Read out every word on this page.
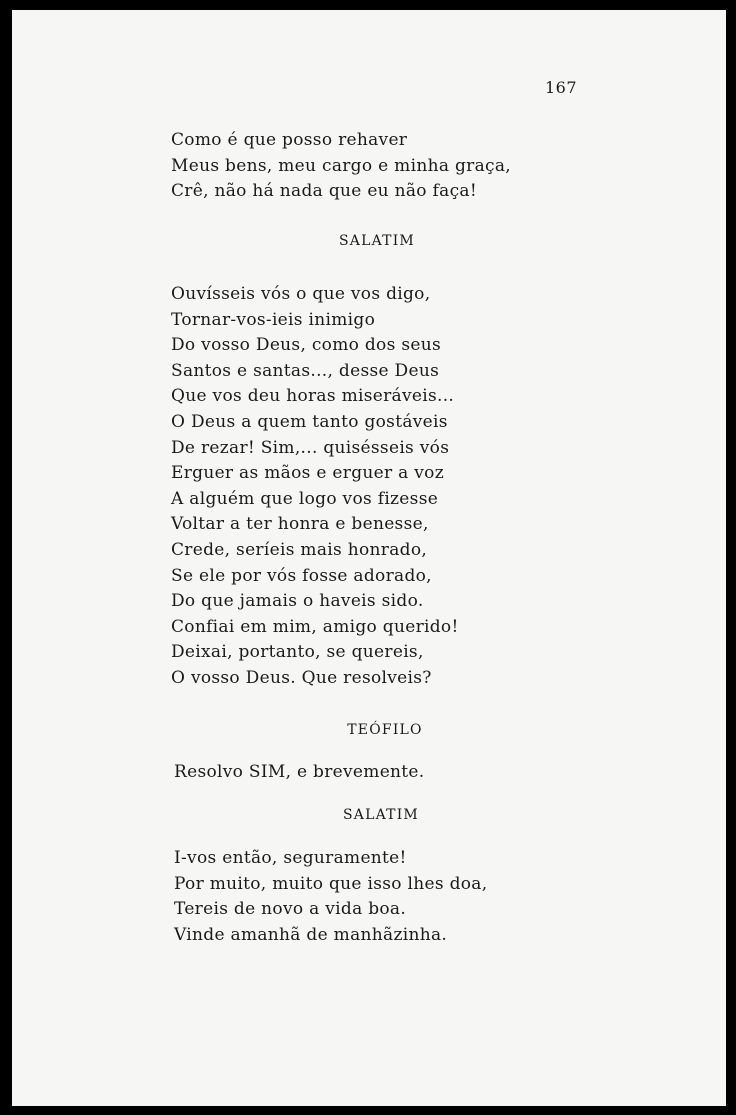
167
Como é que posso rehaver
Meus bens, meu cargo e minha graça,
Crê, não há nada que eu não faça!
SALATIM
Ouvísseis vós o que vos digo,
Tornar-vos-ieis inimigo
Do vosso Deus, como dos seus
Santos e santas..., desse Deus
Que vos deu horas miseráveis...
O Deus a quem tanto gostáveis
De rezar! Sim,... quisésseis vós
Erguer as mãos e erguer a voz
A alguém que logo vos fizesse
Voltar a ter honra e benesse,
Crede, seríeis mais honrado,
Se ele por vós fosse adorado,
Do que jamais o haveis sido.
Confiai em mim, amigo querido!
Deixai, portanto, se quereis,
O vosso Deus. Que resolveis?
TEÓFILO
Resolvo SIM, e brevemente.
SALATIM
I-vos então, seguramente!
Por muito, muito que isso lhes doa,
Tereis de novo a vida boa.
Vinde amanhã de manhãzinha.
